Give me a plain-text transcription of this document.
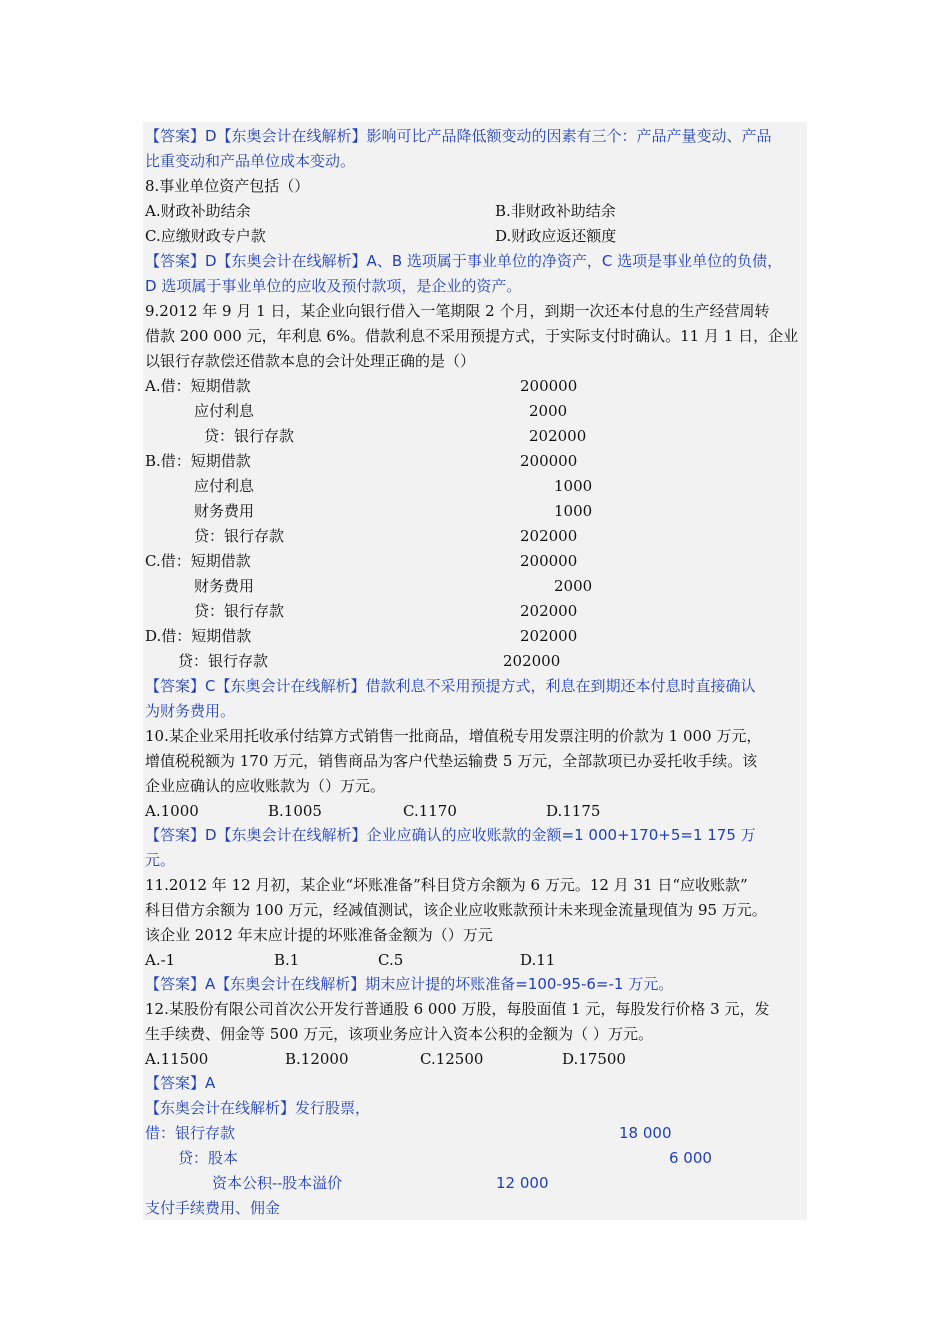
【答案】D【东奥会计在线解析】影响可比产品降低额变动的因素有三个：产品产量变动、产品
比重变动和产品单位成本变动。
8.事业单位资产包括（）
A.财政补助结余	B.非财政补助结余
C.应缴财政专户款	D.财政应返还额度
【答案】D【东奥会计在线解析】A、B 选项属于事业单位的净资产，C 选项是事业单位的负债，
D 选项属于事业单位的应收及预付款项，是企业的资产。
9.2012 年 9 月 1 日，某企业向银行借入一笔期限 2 个月，到期一次还本付息的生产经营周转
借款 200 000 元，年利息 6%。借款利息不采用预提方式，于实际支付时确认。11 月 1 日，企业
以银行存款偿还借款本息的会计处理正确的是（）
A.借：短期借款	200000
应付利息	2000
贷：银行存款	202000
B.借：短期借款	200000
应付利息	1000
财务费用	1000
贷：银行存款	202000
C.借：短期借款	200000
财务费用	2000
贷：银行存款	202000
D.借：短期借款	202000
贷：银行存款	202000
【答案】C【东奥会计在线解析】借款利息不采用预提方式，利息在到期还本付息时直接确认
为财务费用。
10.某企业采用托收承付结算方式销售一批商品，增值税专用发票注明的价款为 1 000 万元，
增值税税额为 170 万元，销售商品为客户代垫运输费 5 万元，全部款项已办妥托收手续。该
企业应确认的应收账款为（）万元。
A.1000	B.1005	C.1170	D.1175
【答案】D【东奥会计在线解析】企业应确认的应收账款的金额=1 000+170+5=1 175 万
元。
11.2012 年 12 月初，某企业“坏账准备”科目贷方余额为 6 万元。12 月 31 日“应收账款”
科目借方余额为 100 万元，经减值测试，该企业应收账款预计未来现金流量现值为 95 万元。
该企业 2012 年末应计提的坏账准备金额为（）万元
A.-1	B.1	C.5	D.11
【答案】A【东奥会计在线解析】期末应计提的坏账准备=100-95-6=-1 万元。
12.某股份有限公司首次公开发行普通股 6 000 万股，每股面值 1 元，每股发行价格 3 元，发
生手续费、佣金等 500 万元，该项业务应计入资本公积的金额为（ ）万元。
A.11500	B.12000	C.12500	D.17500
【答案】A
【东奥会计在线解析】发行股票，
借：银行存款	18 000
贷：股本	6 000
资本公积--股本溢价	12 000
支付手续费用、佣金
